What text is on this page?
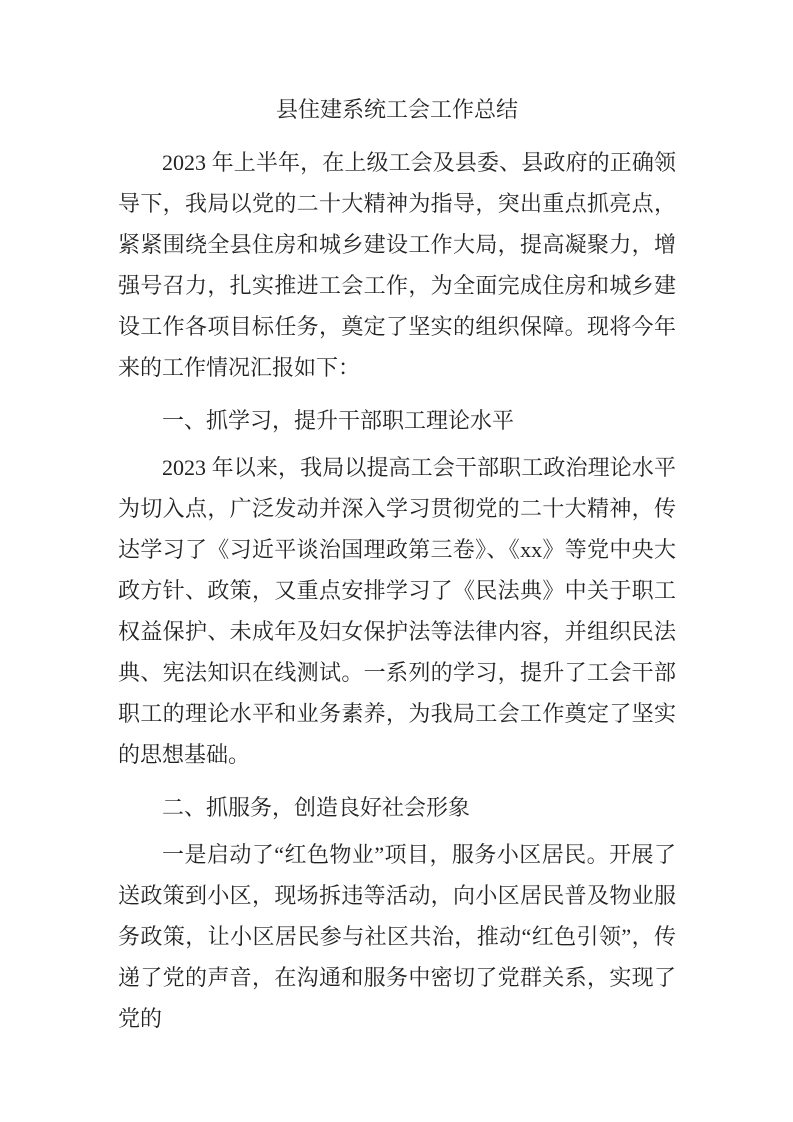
县住建系统工会工作总结

2023 年上半年，在上级工会及县委、县政府的正确领导下，我局以党的二十大精神为指导，突出重点抓亮点，紧紧围绕全县住房和城乡建设工作大局，提高凝聚力，增强号召力，扎实推进工会工作，为全面完成住房和城乡建设工作各项目标任务，奠定了坚实的组织保障。现将今年来的工作情况汇报如下：

一、抓学习，提升干部职工理论水平

2023 年以来，我局以提高工会干部职工政治理论水平为切入点，广泛发动并深入学习贯彻党的二十大精神，传达学习了《习近平谈治国理政第三卷》、《xx》等党中央大政方针、政策，又重点安排学习了《民法典》中关于职工权益保护、未成年及妇女保护法等法律内容，并组织民法典、宪法知识在线测试。一系列的学习，提升了工会干部职工的理论水平和业务素养，为我局工会工作奠定了坚实的思想基础。

二、抓服务，创造良好社会形象

一是启动了“红色物业”项目，服务小区居民。开展了送政策到小区，现场拆违等活动，向小区居民普及物业服务政策，让小区居民参与社区共治，推动“红色引领”，传递了党的声音，在沟通和服务中密切了党群关系，实现了党的
